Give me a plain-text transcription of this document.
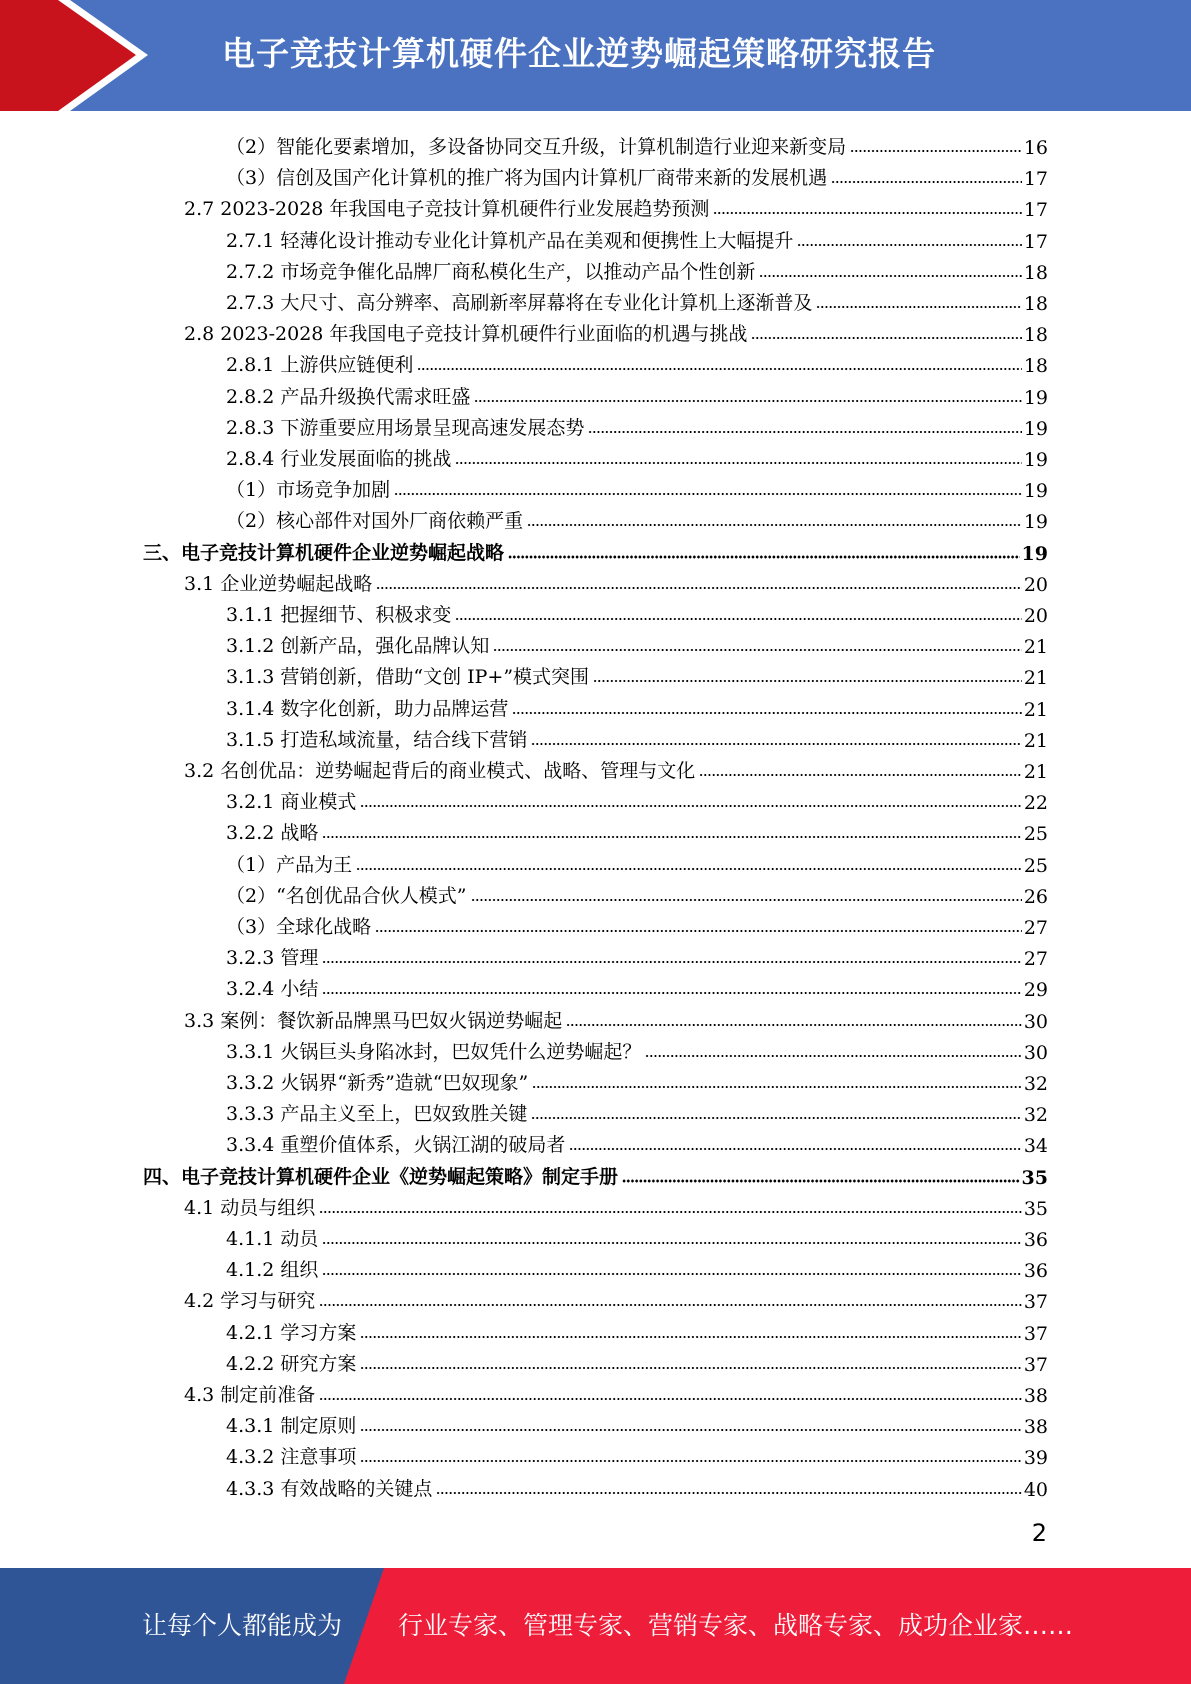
电子竞技计算机硬件企业逆势崛起策略研究报告
（2）智能化要素增加，多设备协同交互升级，计算机制造行业迎来新变局	16
（3）信创及国产化计算机的推广将为国内计算机厂商带来新的发展机遇	17
2.7 2023-2028 年我国电子竞技计算机硬件行业发展趋势预测	17
2.7.1 轻薄化设计推动专业化计算机产品在美观和便携性上大幅提升	17
2.7.2 市场竞争催化品牌厂商私模化生产，以推动产品个性创新	18
2.7.3 大尺寸、高分辨率、高刷新率屏幕将在专业化计算机上逐渐普及	18
2.8 2023-2028 年我国电子竞技计算机硬件行业面临的机遇与挑战	18
2.8.1 上游供应链便利	18
2.8.2 产品升级换代需求旺盛	19
2.8.3 下游重要应用场景呈现高速发展态势	19
2.8.4 行业发展面临的挑战	19
（1）市场竞争加剧	19
（2）核心部件对国外厂商依赖严重	19
三、电子竞技计算机硬件企业逆势崛起战略	19
3.1 企业逆势崛起战略	20
3.1.1 把握细节、积极求变	20
3.1.2 创新产品，强化品牌认知	21
3.1.3 营销创新，借助“文创 IP+”模式突围	21
3.1.4 数字化创新，助力品牌运营	21
3.1.5 打造私域流量，结合线下营销	21
3.2 名创优品：逆势崛起背后的商业模式、战略、管理与文化	21
3.2.1 商业模式	22
3.2.2 战略	25
（1）产品为王	25
（2）“名创优品合伙人模式”	26
（3）全球化战略	27
3.2.3 管理	27
3.2.4 小结	29
3.3 案例：餐饮新品牌黑马巴奴火锅逆势崛起	30
3.3.1 火锅巨头身陷冰封，巴奴凭什么逆势崛起？	30
3.3.2 火锅界“新秀”造就“巴奴现象”	32
3.3.3 产品主义至上，巴奴致胜关键	32
3.3.4 重塑价值体系，火锅江湖的破局者	34
四、电子竞技计算机硬件企业《逆势崛起策略》制定手册	35
4.1 动员与组织	35
4.1.1 动员	36
4.1.2 组织	36
4.2 学习与研究	37
4.2.1 学习方案	37
4.2.2 研究方案	37
4.3 制定前准备	38
4.3.1 制定原则	38
4.3.2 注意事项	39
4.3.3 有效战略的关键点	40
2
让每个人都能成为 行业专家、管理专家、营销专家、战略专家、成功企业家……
